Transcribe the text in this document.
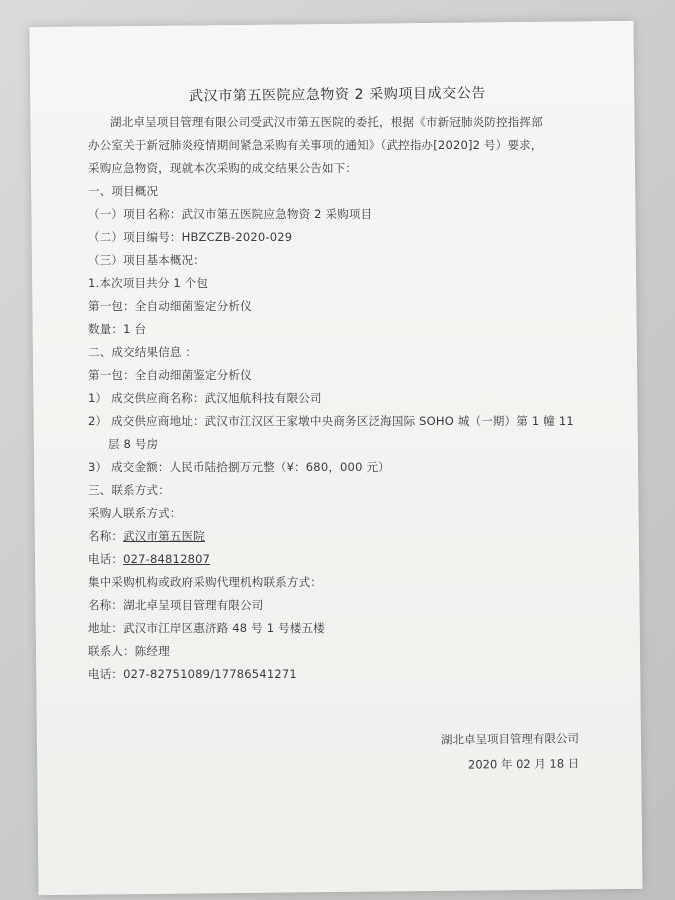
武汉市第五医院应急物资 2 采购项目成交公告
湖北卓呈项目管理有限公司受武汉市第五医院的委托，根据《市新冠肺炎防控指挥部
办公室关于新冠肺炎疫情期间紧急采购有关事项的通知》（武控指办[2020]2 号）要求，
采购应急物资，现就本次采购的成交结果公告如下：
一、项目概况
（一）项目名称：武汉市第五医院应急物资 2 采购项目
（二）项目编号：HBZCZB-2020-029
（三）项目基本概况：
1.本次项目共分 1 个包
第一包：全自动细菌鉴定分析仪
数量：1 台
二、成交结果信息 ：
第一包：全自动细菌鉴定分析仪
1） 成交供应商名称：武汉旭航科技有限公司
2） 成交供应商地址：武汉市江汉区王家墩中央商务区泛海国际 SOHO 城（一期）第 1 幢 11
层 8 号房
3） 成交金额：人民币陆拾捌万元整（¥：680，000 元）
三、联系方式：
采购人联系方式：
名称：武汉市第五医院
电话：027-84812807
集中采购机构或政府采购代理机构联系方式：
名称：湖北卓呈项目管理有限公司
地址：武汉市江岸区惠济路 48 号 1 号楼五楼
联系人：陈经理
电话：027-82751089/17786541271
湖北卓呈项目管理有限公司
2020 年 02 月 18 日
